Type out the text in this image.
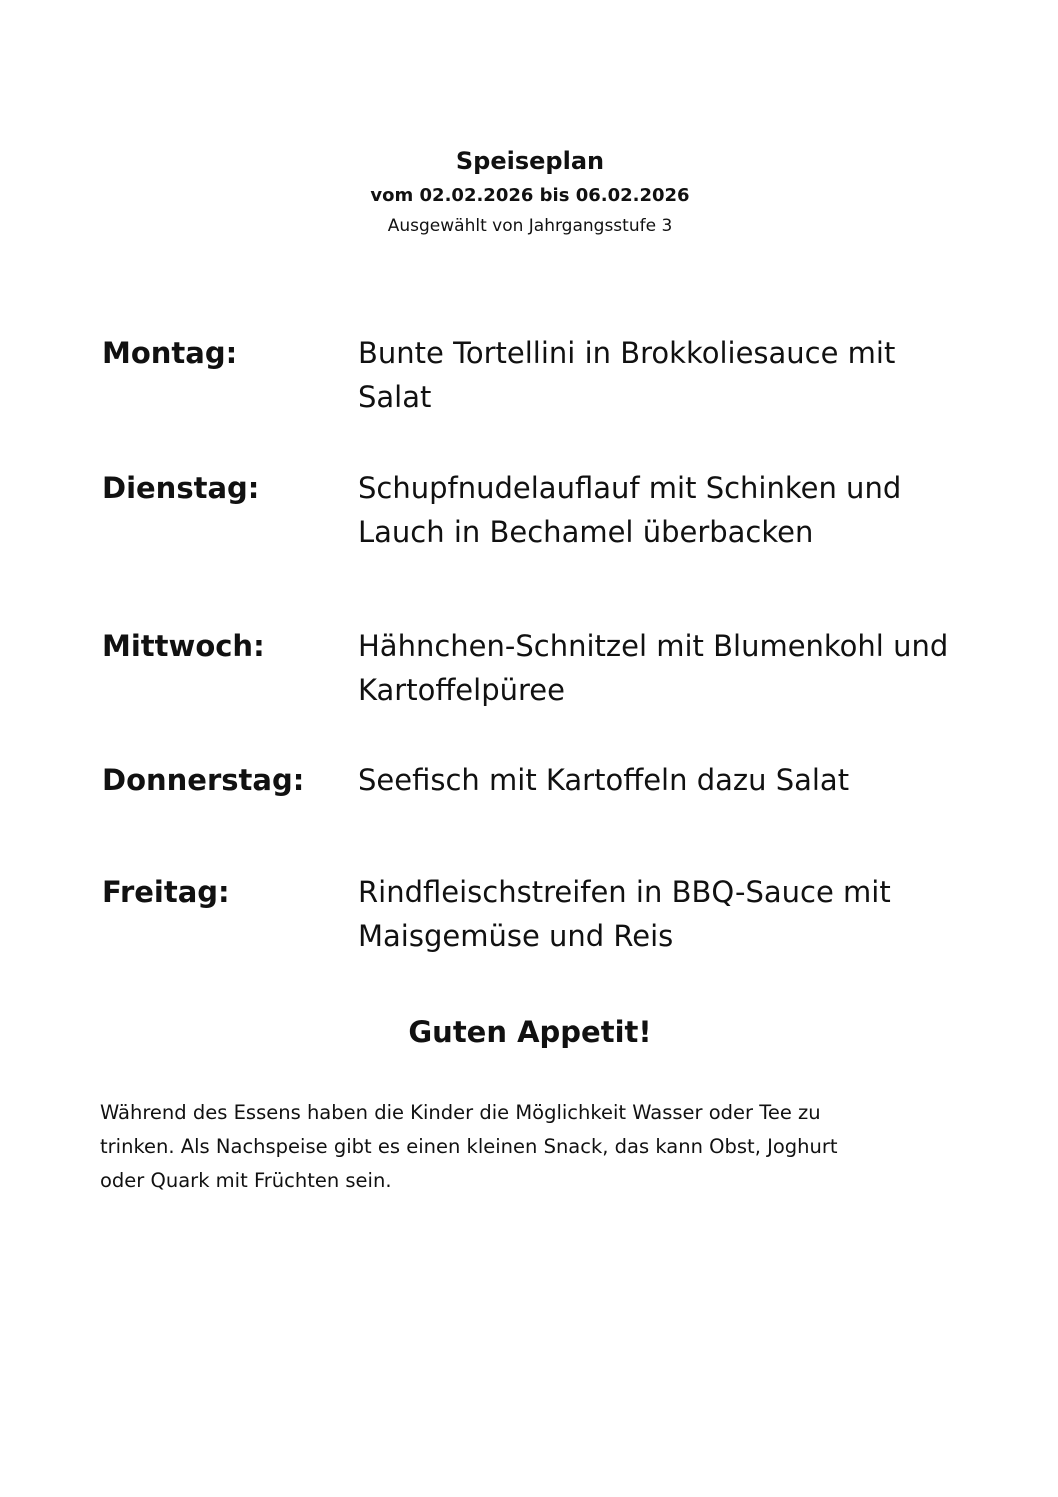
Speiseplan
vom 02.02.2026 bis 06.02.2026
Ausgewählt von Jahrgangsstufe 3
Montag:	Bunte Tortellini in Brokkoliesauce mit
Salat
Dienstag:	Schupfnudelauflauf mit Schinken und
Lauch in Bechamel überbacken
Mittwoch:	Hähnchen-Schnitzel mit Blumenkohl und
Kartoffelpüree
Donnerstag: Seefisch mit Kartoffeln dazu Salat
Freitag:	Rindfleischstreifen in BBQ-Sauce mit
Maisgemüse und Reis
Guten Appetit!
Während des Essens haben die Kinder die Möglichkeit Wasser oder Tee zu
trinken. Als Nachspeise gibt es einen kleinen Snack, das kann Obst, Joghurt
oder Quark mit Früchten sein.
